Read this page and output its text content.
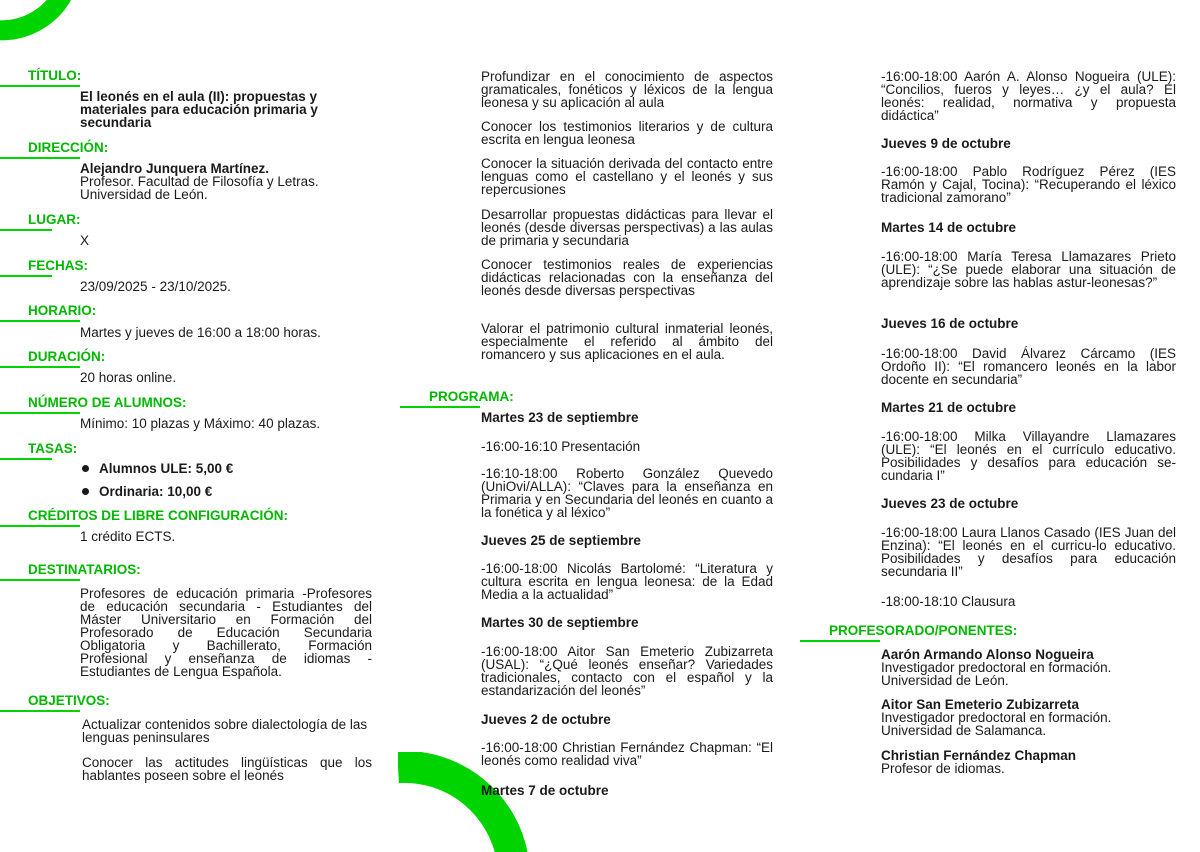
TÍTULO:
El leonés en el aula (II): propuestas y materiales para educación primaria y secundaria
DIRECCIÓN:
Alejandro Junquera Martínez.
Profesor. Facultad de Filosofía y Letras. Universidad de León.
LUGAR:
X
FECHAS:
23/09/2025 - 23/10/2025.
HORARIO:
Martes y jueves de 16:00 a 18:00 horas.
DURACIÓN:
20 horas online.
NÚMERO DE ALUMNOS:
Mínimo: 10 plazas y Máximo: 40 plazas.
TASAS:
Alumnos ULE: 5,00 €
Ordinaria: 10,00 €
CRÉDITOS DE LIBRE CONFIGURACIÓN:
1 crédito ECTS.
DESTINATARIOS:
Profesores de educación primaria -Profesores de educación secundaria - Estudiantes del Máster Universitario en Formación del Profesorado de Educación Secundaria Obligatoria y Bachillerato, Formación Profesional y enseñanza de idiomas -Estudiantes de Lengua Española.
OBJETIVOS:
Actualizar contenidos sobre dialectología de las lenguas peninsulares
Conocer las actitudes lingüísticas que los hablantes poseen sobre el leonés
Profundizar en el conocimiento de aspectos gramaticales, fonéticos y léxicos de la lengua leonesa y su aplicación al aula
Conocer los testimonios literarios y de cultura escrita en lengua leonesa
Conocer la situación derivada del contacto entre lenguas como el castellano y el leonés y sus repercusiones
Desarrollar propuestas didácticas para llevar el leonés (desde diversas perspectivas) a las aulas de primaria y secundaria
Conocer testimonios reales de experiencias didácticas relacionadas con la enseñanza del leonés desde diversas perspectivas
Valorar el patrimonio cultural inmaterial leonés, especialmente el referido al ámbito del romancero y sus aplicaciones en el aula.
PROGRAMA:
Martes 23 de septiembre
-16:00-16:10 Presentación
-16:10-18:00 Roberto González Quevedo (UniOvi/ALLA): “Claves para la enseñanza en Primaria y en Secundaria del leonés en cuanto a la fonética y al léxico”
Jueves 25 de septiembre
-16:00-18:00 Nicolás Bartolomé: “Literatura y cultura escrita en lengua leonesa: de la Edad Media a la actualidad”
Martes 30 de septiembre
-16:00-18:00 Aitor San Emeterio Zubizarreta (USAL): “¿Qué leonés enseñar? Variedades tradicionales, contacto con el español y la estandarización del leonés”
Jueves 2 de octubre
-16:00-18:00 Christian Fernández Chapman: “El leonés como realidad viva”
Martes 7 de octubre
-16:00-18:00 Aarón A. Alonso Nogueira (ULE): “Concilios, fueros y leyes… ¿y el aula? El leonés: realidad, normativa y propuesta didáctica”
Jueves 9 de octubre
-16:00-18:00 Pablo Rodríguez Pérez (IES Ramón y Cajal, Tocina): “Recuperando el léxico tradicional zamorano”
Martes 14 de octubre
-16:00-18:00 María Teresa Llamazares Prieto (ULE): “¿Se puede elaborar una situación de aprendizaje sobre las hablas astur-leonesas?”
Jueves 16 de octubre
-16:00-18:00 David Álvarez Cárcamo (IES Ordoño II): “El romancero leonés en la labor docente en secundaria”
Martes 21 de octubre
-16:00-18:00 Milka Villayandre Llamazares (ULE): “El leonés en el currículo educativo. Posibilidades y desafíos para educación se-cundaria I”
Jueves 23 de octubre
-16:00-18:00 Laura Llanos Casado (IES Juan del Enzina): “El leonés en el curricu-lo educativo. Posibilidades y desafíos para educación secundaria II”
-18:00-18:10 Clausura
PROFESORADO/PONENTES:
Aarón Armando Alonso Nogueira
Investigador predoctoral en formación. Universidad de León.
Aitor San Emeterio Zubizarreta
Investigador predoctoral en formación. Universidad de Salamanca.
Christian Fernández Chapman
Profesor de idiomas.
